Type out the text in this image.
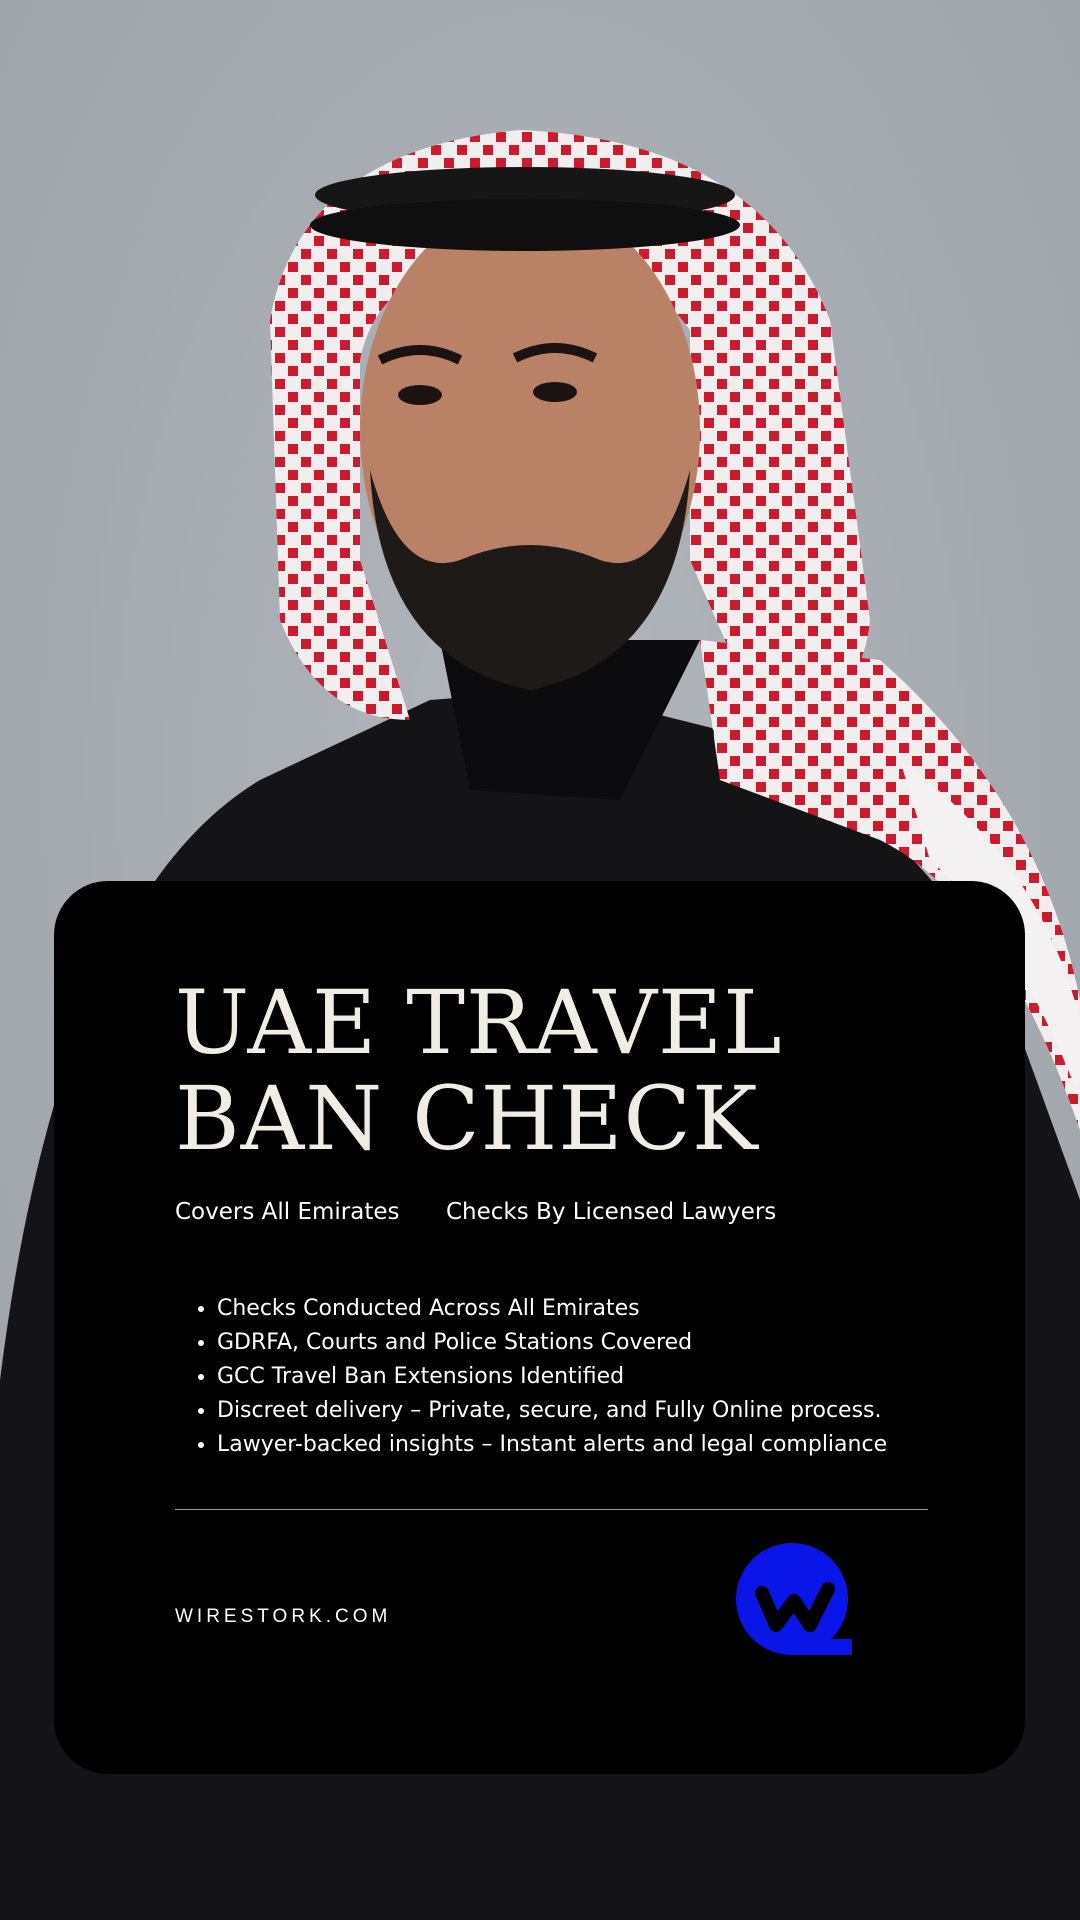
UAE TRAVEL
BAN CHECK
Covers All Emirates Checks By Licensed Lawyers
• Checks Conducted Across All Emirates
• GDRFA, Courts and Police Stations Covered
• GCC Travel Ban Extensions Identified
• Discreet delivery – Private, secure, and Fully Online process.
• Lawyer-backed insights – Instant alerts and legal compliance
WIRESTORK.COM
